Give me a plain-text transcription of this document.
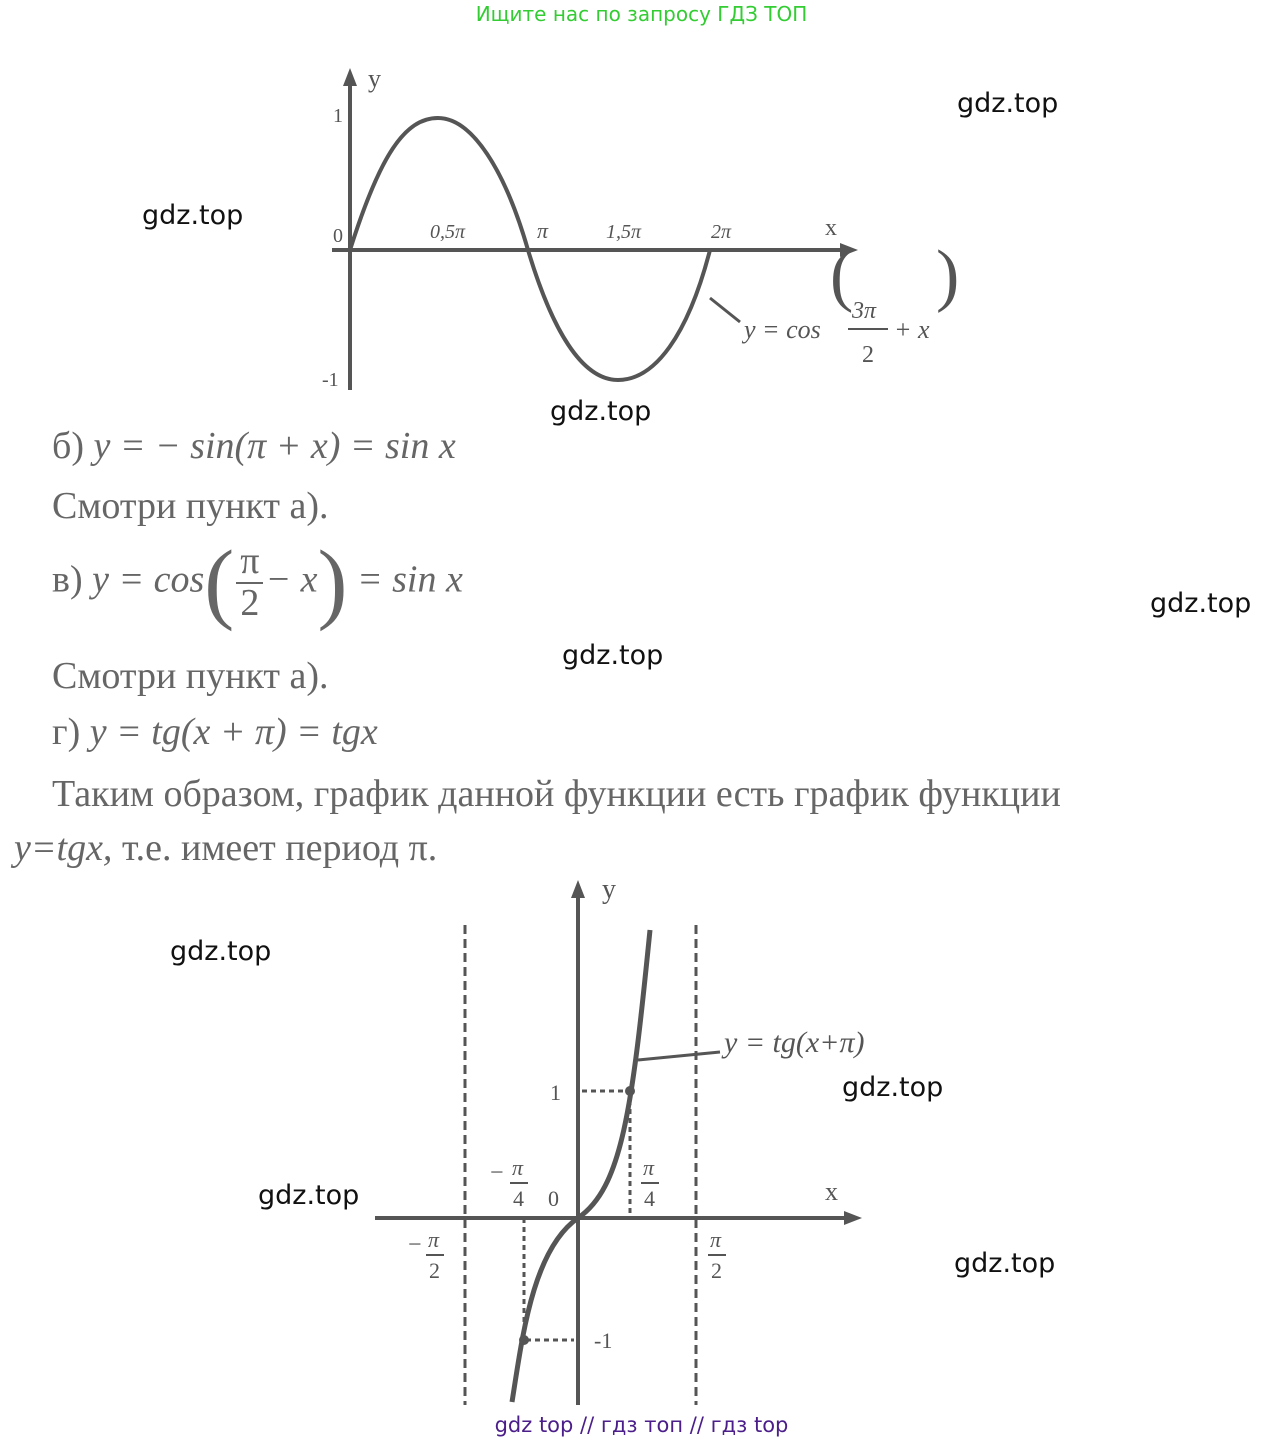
Ищите нас по запросу ГДЗ ТОП
y
x
0
1
-1
0,5π	π	1,5π	2π
y = cos
(
3π
2
+ x
)
gdz.top
gdz.top
gdz.top
gdz.top
gdz.top
gdz.top
gdz.top
gdz.top
gdz.top
б) y = − sin(π + x) = sin x
Смотри пункт а).
в) $y = \cos( \frac{\pi}{2} - x) = \sin x$
Смотри пункт а).
г) y = tg(x + π) = tgx
Таким образом, график данной функции есть график функции
y=tgx, т.е. имеет период π.
y
x
0
1
-1
y = tg(x+π)
− π
4
π
4
− π
2
π
2
gdz top // гдз топ // гдз top
